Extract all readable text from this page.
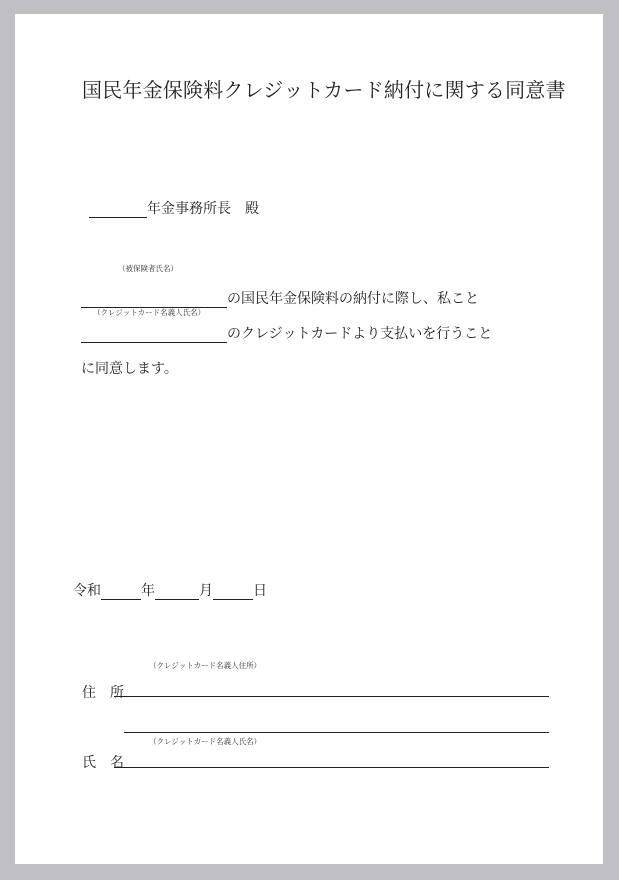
国民年金保険料クレジットカード納付に関する同意書
年金事務所長　殿
（被保険者氏名）
の国民年金保険料の納付に際し、私こと
（クレジットカード名義人氏名）
のクレジットカードより支払いを行うこと
に同意します。
令和	年	月	日
（クレジットカード名義人住所）
住　所
（クレジットカード名義人氏名）
氏　名
